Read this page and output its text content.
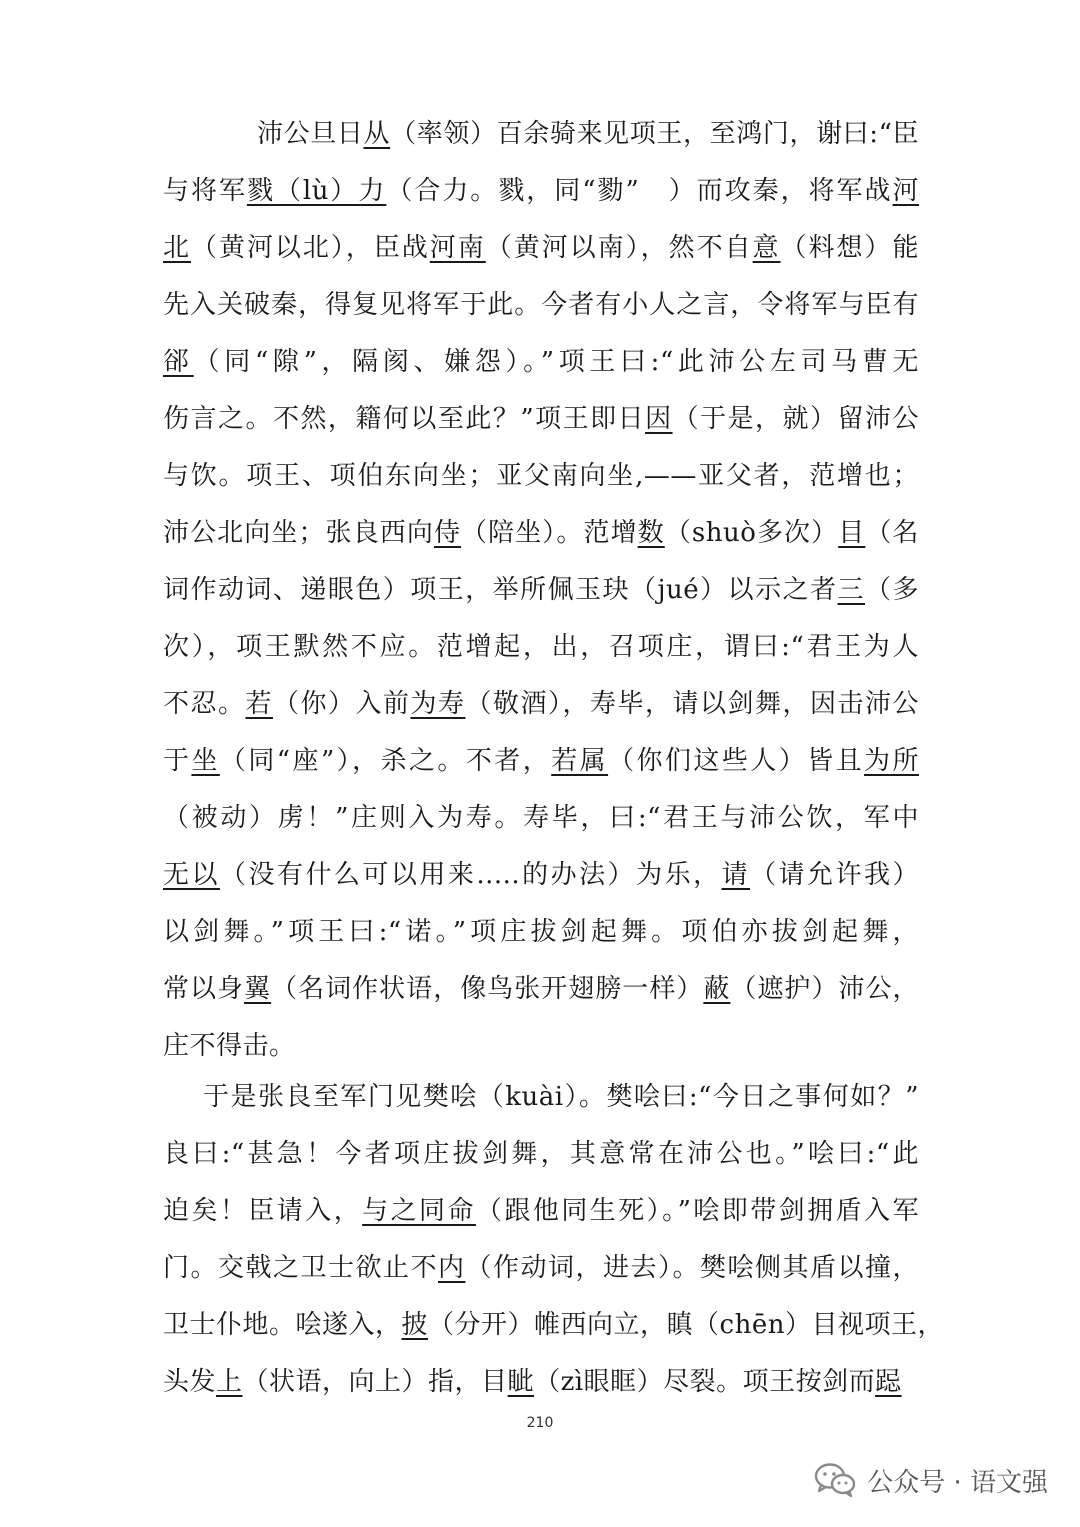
沛公旦日从（率领）百余骑来见项王，至鸿门，谢曰:“臣
与将军戮（lù）力（合力。戮，同“勠”　）而攻秦，将军战河
北（黄河以北），臣战河南（黄河以南），然不自意（料想）能
先入关破秦，得复见将军于此。今者有小人之言，令将军与臣有
郤（同“隙”，隔阂、嫌怨）。”项王曰:“此沛公左司马曹无
伤言之。不然，籍何以至此？”项王即日因（于是，就）留沛公
与饮。项王、项伯东向坐；亚父南向坐,——亚父者，范增也；
沛公北向坐；张良西向侍（陪坐）。范增数（shuò多次）目（名
词作动词、递眼色）项王，举所佩玉玦（jué）以示之者三（多
次），项王默然不应。范增起，出，召项庄，谓曰:“君王为人
不忍。若（你）入前为寿（敬酒），寿毕，请以剑舞，因击沛公
于坐（同“座”），杀之。不者，若属（你们这些人）皆且为所
（被动）虏！”庄则入为寿。寿毕，曰:“君王与沛公饮，军中
无以（没有什么可以用来.....的办法）为乐，请（请允许我）
以剑舞。”项王曰:“诺。”项庄拔剑起舞。项伯亦拔剑起舞，
常以身翼（名词作状语，像鸟张开翅膀一样）蔽（遮护）沛公，
庄不得击。
于是张良至军门见樊哙（kuài）。樊哙曰:“今日之事何如？”
良曰:“甚急！今者项庄拔剑舞，其意常在沛公也。”哙曰:“此
迫矣！臣请入，与之同命（跟他同生死）。”哙即带剑拥盾入军
门。交戟之卫士欲止不内（作动词，进去）。樊哙侧其盾以撞，
卫士仆地。哙遂入，披（分开）帷西向立，瞋（chēn）目视项王，
头发上（状语，向上）指，目眦（zì眼眶）尽裂。项王按剑而跽
210
公众号 · 语文强
